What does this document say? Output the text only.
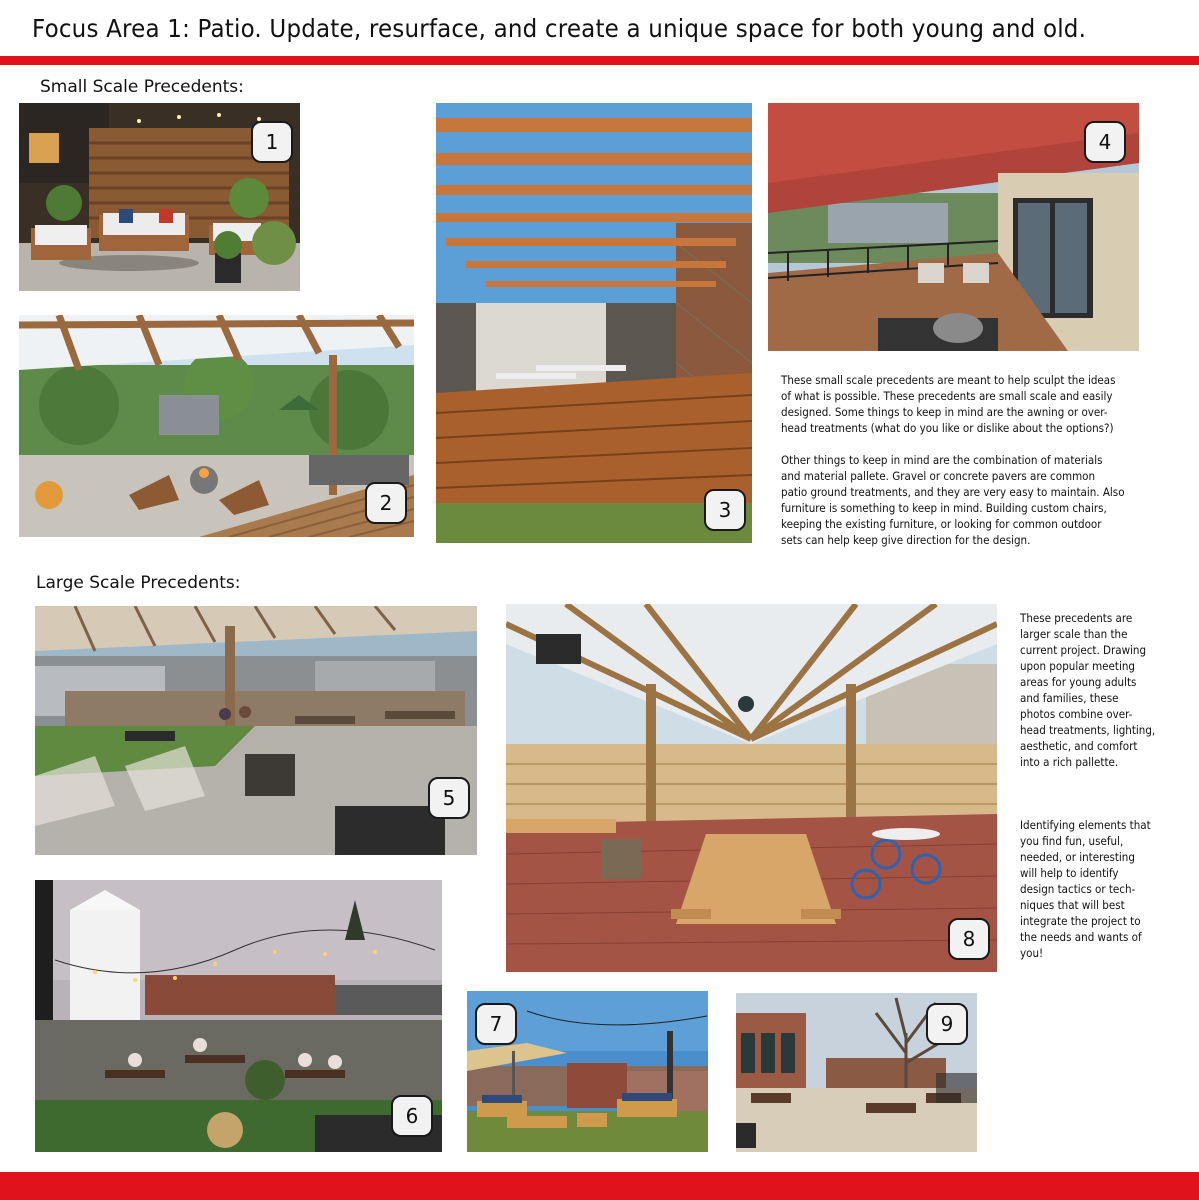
Focus Area 1: Patio. Update, resurface, and create a unique space for both young and old.
Small Scale Precedents:
1
2	3
4
These small scale precedents are meant to help sculpt the ideas
of what is possible. These precedents are small scale and easily
designed. Some things to keep in mind are the awning or over-
head treatments (what do you like or dislike about the options?)
Other things to keep in mind are the combination of materials
and material pallete. Gravel or concrete pavers are common
patio ground treatments, and they are very easy to maintain. Also
furniture is something to keep in mind. Building custom chairs,
keeping the existing furniture, or looking for common outdoor
sets can help keep give direction for the design.
Large Scale Precedents:
5
8
These precedents are
larger scale than the
current project. Drawing
upon popular meeting
areas for young adults
and families, these
photos combine over-
head treatments, lighting,
aesthetic, and comfort
into a rich pallette.
Identifying elements that
you find fun, useful,
needed, or interesting
will help to identify
design tactics or tech-
niques that will best
integrate the project to
the needs and wants of
you!
6
7	9
